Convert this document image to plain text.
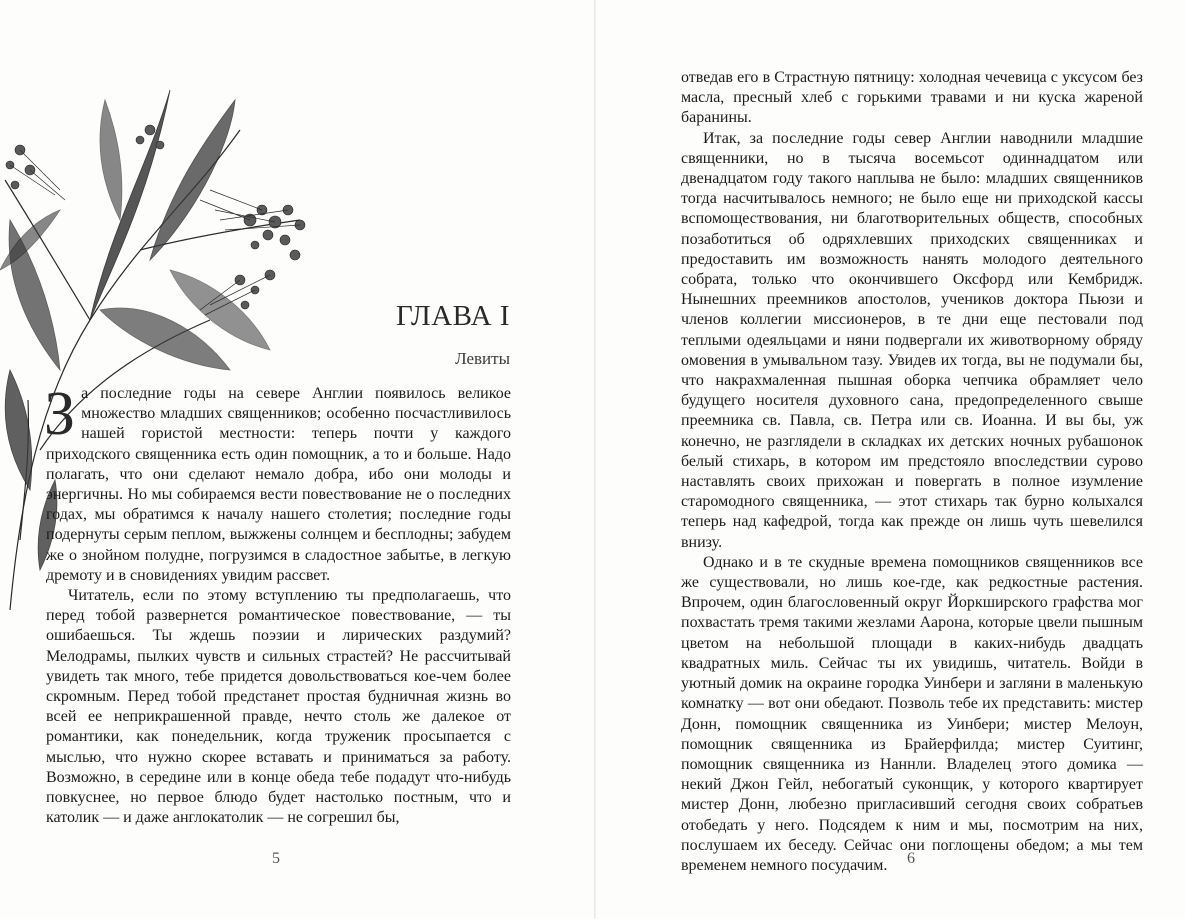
ГЛАВА I
Левиты

За последние годы на севере Англии появилось великое множество младших священников; особенно посчастливилось нашей гористой местности: теперь почти у каждого приходского священника есть один помощник, а то и больше. Надо полагать, что они сделают немало добра, ибо они молоды и энергичны. Но мы собираемся вести повествование не о последних годах, мы обратимся к началу нашего столетия; последние годы подернуты серым пеплом, выжжены солнцем и бесплодны; забудем же о знойном полудне, погрузимся в сладостное забытье, в легкую дремоту и в сновидениях увидим рассвет.

Читатель, если по этому вступлению ты предполагаешь, что перед тобой развернется романтическое повествование, — ты ошибаешься. Ты ждешь поэзии и лирических раздумий? Мелодрамы, пылких чувств и сильных страстей? Не рассчитывай увидеть так много, тебе придется довольствоваться кое-чем более скромным. Перед тобой предстанет простая будничная жизнь во всей ее неприкрашенной правде, нечто столь же далекое от романтики, как понедельник, когда труженик просыпается с мыслью, что нужно скорее вставать и приниматься за работу. Возможно, в середине или в конце обеда тебе подадут что-нибудь повкуснее, но первое блюдо будет настолько постным, что и католик — и даже англокатолик — не согрешил бы,

5

отведав его в Страстную пятницу: холодная чечевица с уксусом без масла, пресный хлеб с горькими травами и ни куска жареной баранины.

Итак, за последние годы север Англии наводнили младшие священники, но в тысяча восемьсот одиннадцатом или двенадцатом году такого наплыва не было: младших священников тогда насчитывалось немного; не было еще ни приходской кассы вспомоществования, ни благотворительных обществ, способных позаботиться об одряхлевших приходских священниках и предоставить им возможность нанять молодого деятельного собрата, только что окончившего Оксфорд или Кембридж. Нынешних преемников апостолов, учеников доктора Пьюзи и членов коллегии миссионеров, в те дни еще пестовали под теплыми одеяльцами и няни подвергали их животворному обряду омовения в умывальном тазу. Увидев их тогда, вы не подумали бы, что накрахмаленная пышная оборка чепчика обрамляет чело будущего носителя духовного сана, предопределенного свыше преемника св. Павла, св. Петра или св. Иоанна. И вы бы, уж конечно, не разглядели в складках их детских ночных рубашонок белый стихарь, в котором им предстояло впоследствии сурово наставлять своих прихожан и повергать в полное изумление старомодного священника, — этот стихарь так бурно колыхался теперь над кафедрой, тогда как прежде он лишь чуть шевелился внизу.

Однако и в те скудные времена помощников священников все же существовали, но лишь кое-где, как редкостные растения. Впрочем, один благословенный округ Йоркширского графства мог похвастать тремя такими жезлами Аарона, которые цвели пышным цветом на небольшой площади в каких-нибудь двадцать квадратных миль. Сейчас ты их увидишь, читатель. Войди в уютный домик на окраине городка Уинбери и загляни в маленькую комнатку — вот они обедают. Позволь тебе их представить: мистер Донн, помощник священника из Уинбери; мистер Мелоун, помощник священника из Брайерфилда; мистер Суитинг, помощник священника из Наннли. Владелец этого домика — некий Джон Гейл, небогатый суконщик, у которого квартирует мистер Донн, любезно пригласивший сегодня своих собратьев отобедать у него. Подсядем к ним и мы, посмотрим на них, послушаем их беседу. Сейчас они поглощены обедом; а мы тем временем немного посудачим.	6
